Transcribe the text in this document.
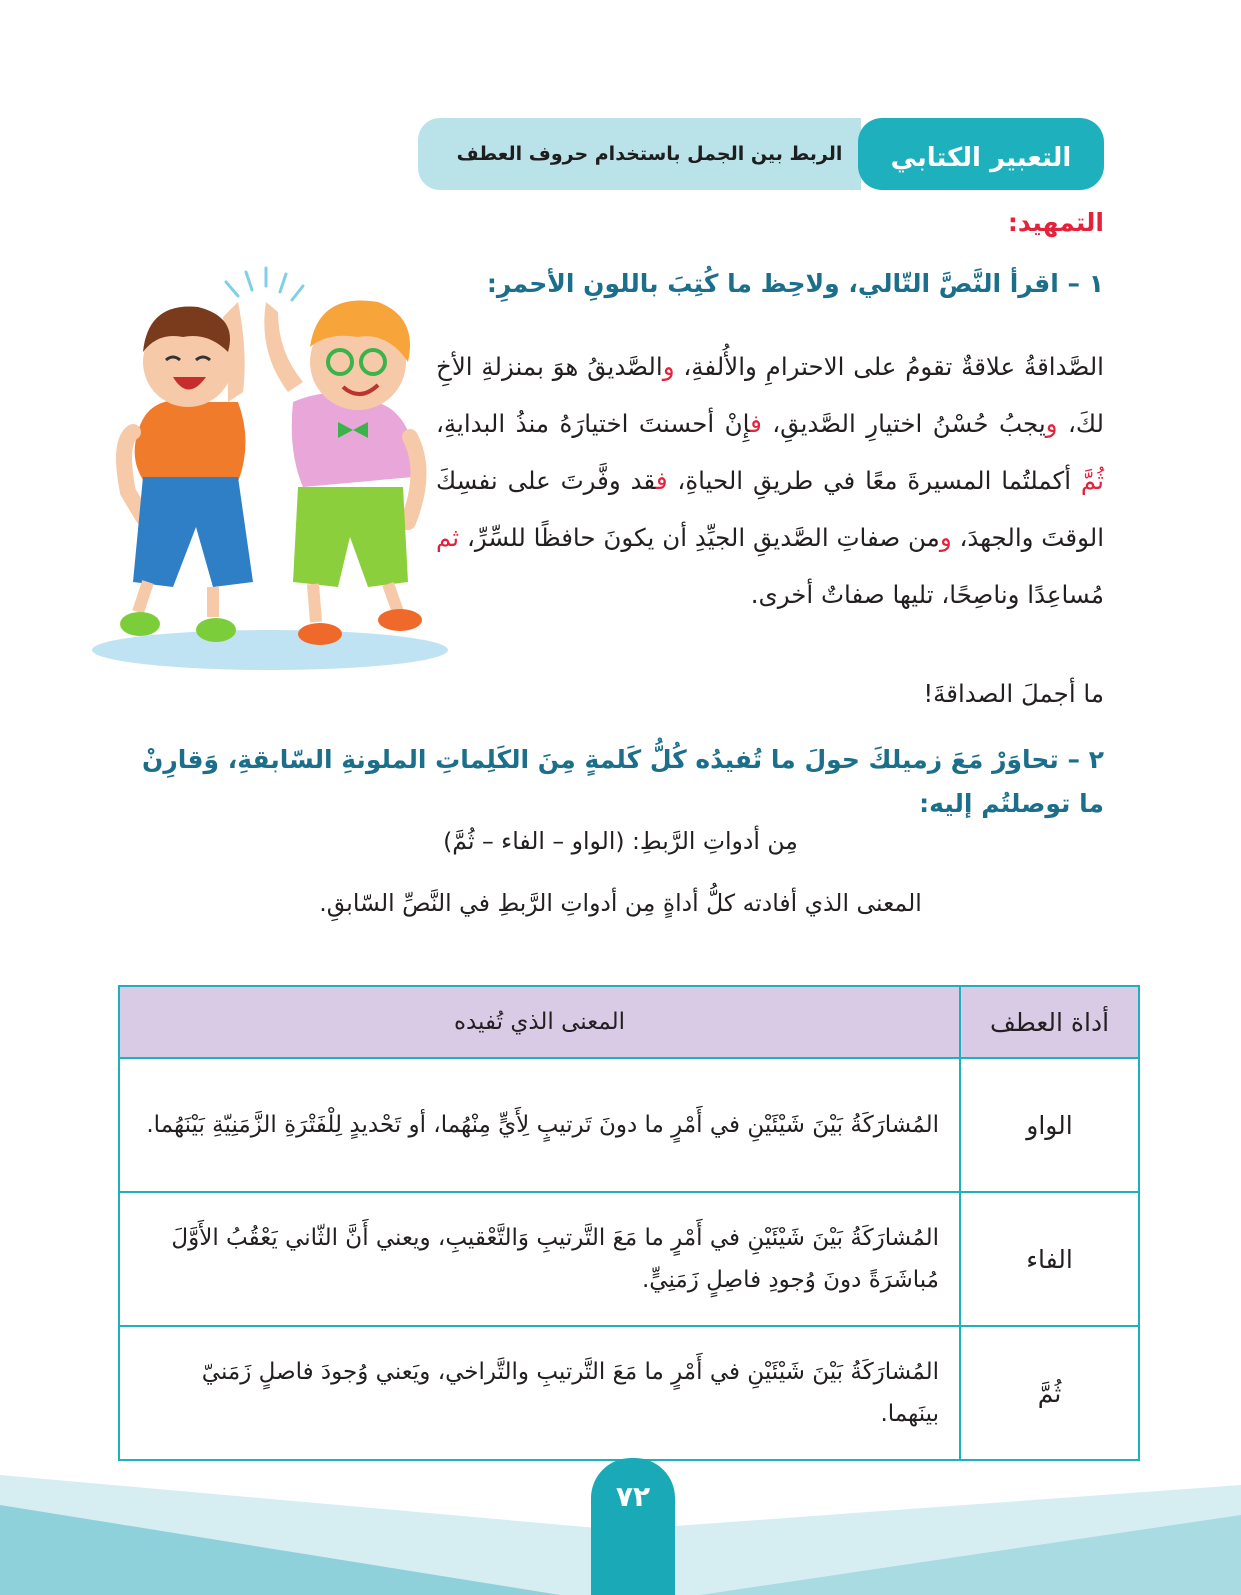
الربط بين الجمل باستخدام حروف العطف التعبير الكتابي
التمهيد:
١ – اقرأ النَّصَّ التّالي، ولاحِظ ما كُتِبَ باللونِ الأحمرِ:
الصَّداقةُ علاقةٌ تقومُ على الاحترامِ والأُلفةِ، والصَّديقُ هوَ بمنزلةِ الأخِ لكَ، ويجبُ حُسْنُ اختيارِ الصَّديقِ، فإِنْ أحسنتَ اختيارَهُ منذُ البدايةِ، ثُمَّ أكملتُما المسيرةَ معًا في طريقِ الحياةِ، فقد وفَّرتَ على نفسِكَ الوقتَ والجهدَ، ومن صفاتِ الصَّديقِ الجيِّدِ أن يكونَ حافظًا للسِّرِّ، ثم مُساعِدًا وناصِحًا، تليها صفاتٌ أخرى.
ما أجملَ الصداقةَ!
٢ – تحاوَرْ مَعَ زميلكَ حولَ ما تُفيدُه كُلُّ كَلمةٍ مِنَ الكَلِماتِ الملونةِ السّابقةِ، وَقارِنْ ما توصلتُم إليه:
مِن أدواتِ الرَّبطِ: (الواو – الفاء – ثُمَّ)
المعنى الذي أفادته كلُّ أداةٍ مِن أدواتِ الرَّبطِ في النَّصِّ السّابقِ.
أداة العطف	المعنى الذي تُفيده
الواو	المُشارَكَةُ بَيْنَ شَيْئَيْنِ في أَمْرٍ ما دونَ تَرتيبٍ لِأَيٍّ مِنْهُما، أو تَحْديدٍ لِلْفَتْرَةِ الزَّمَنِيّةِ بَيْنَهُما.
الفاء	المُشارَكَةُ بَيْنَ شَيْئَيْنِ في أَمْرٍ ما مَعَ التَّرتيبِ وَالتَّعْقيبِ، ويعني أَنَّ الثّاني يَعْقُبُ الأَوَّلَ مُباشَرَةً دونَ وُجودِ فاصِلٍ زَمَنِيٍّ.
ثُمَّ	المُشارَكَةُ بَيْنَ شَيْئَيْنِ في أَمْرٍ ما مَعَ التَّرتيبِ والتَّراخي، ويَعني وُجودَ فاصلٍ زَمَنيّ بينَهما.
٧٢
